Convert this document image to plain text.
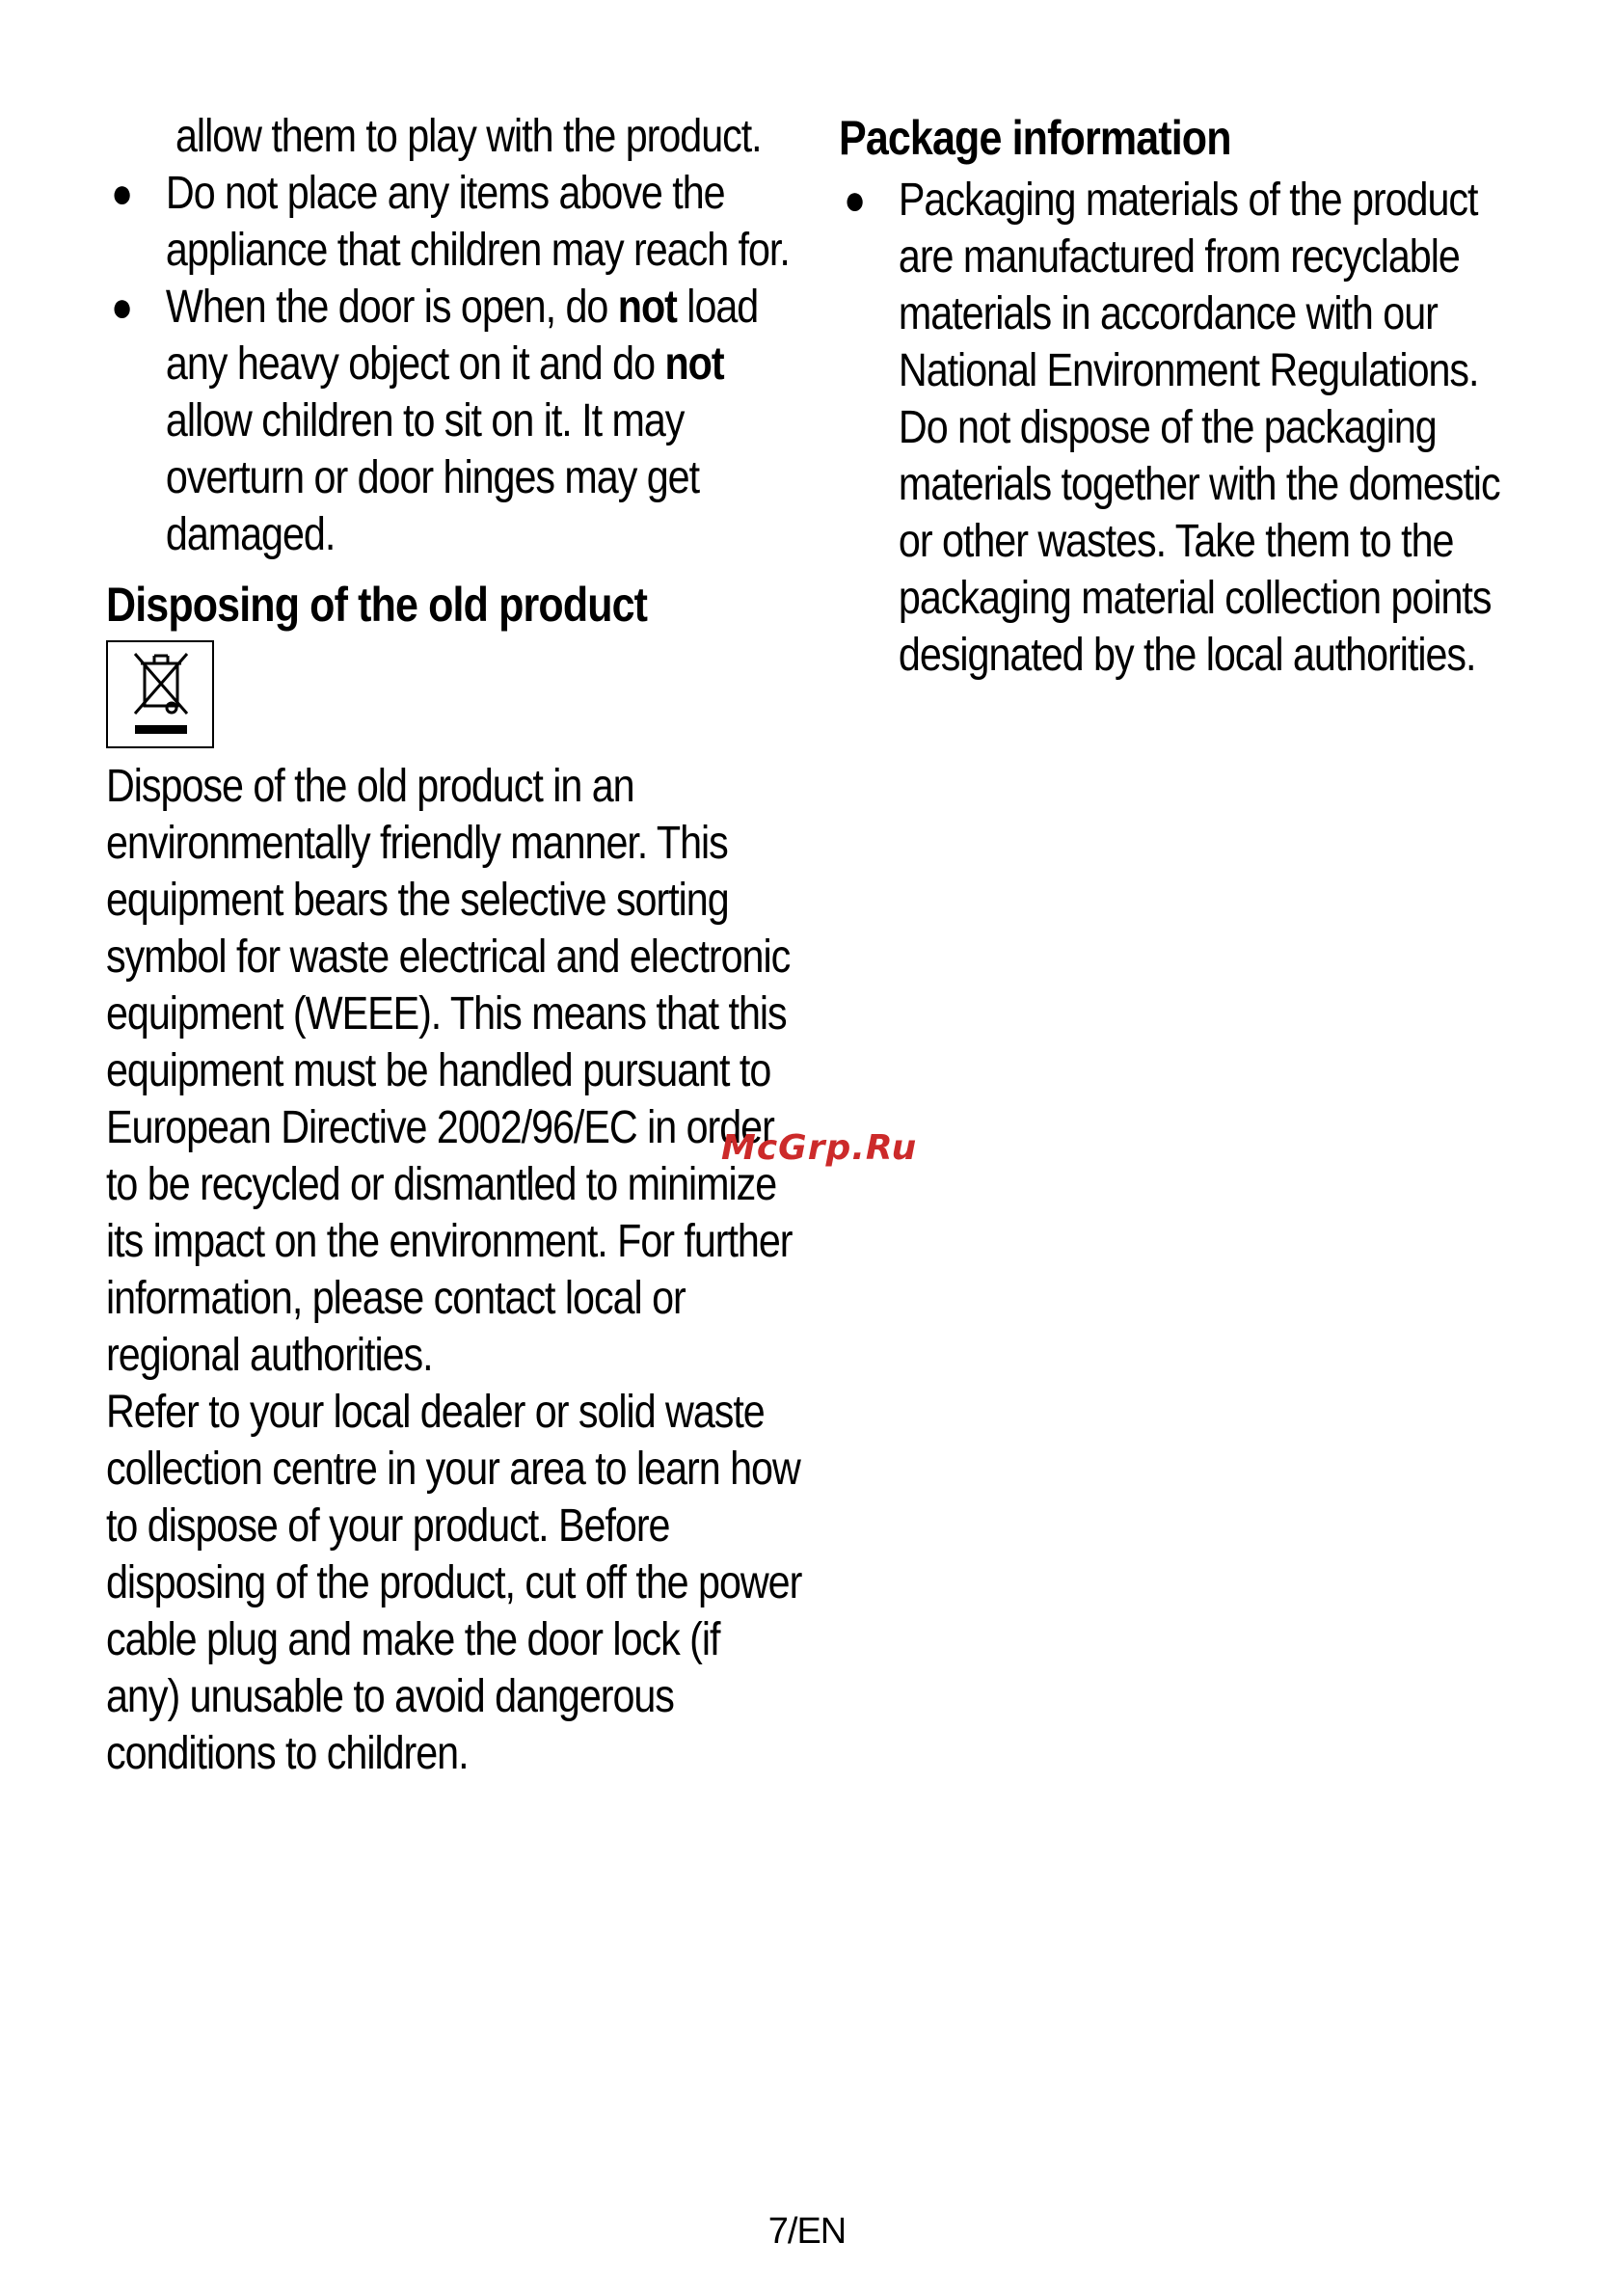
allow them to play with the product.
● Do not place any items above the appliance that children may reach for.
● When the door is open, do not load any heavy object on it and do not allow children to sit on it. It may overturn or door hinges may get damaged.
Disposing of the old product
Dispose of the old product in an environmentally friendly manner. This equipment bears the selective sorting symbol for waste electrical and electronic equipment (WEEE). This means that this equipment must be handled pursuant to European Directive 2002/96/EC in order to be recycled or dismantled to minimize its impact on the environment. For further information, please contact local or regional authorities.
Refer to your local dealer or solid waste collection centre in your area to learn how to dispose of your product. Before disposing of the product, cut off the power cable plug and make the door lock (if any) unusable to avoid dangerous conditions to children.
Package information
● Packaging materials of the product are manufactured from recyclable materials in accordance with our National Environment Regulations. Do not dispose of the packaging materials together with the domestic or other wastes. Take them to the packaging material collection points designated by the local authorities.
McGrp.Ru
7/EN
